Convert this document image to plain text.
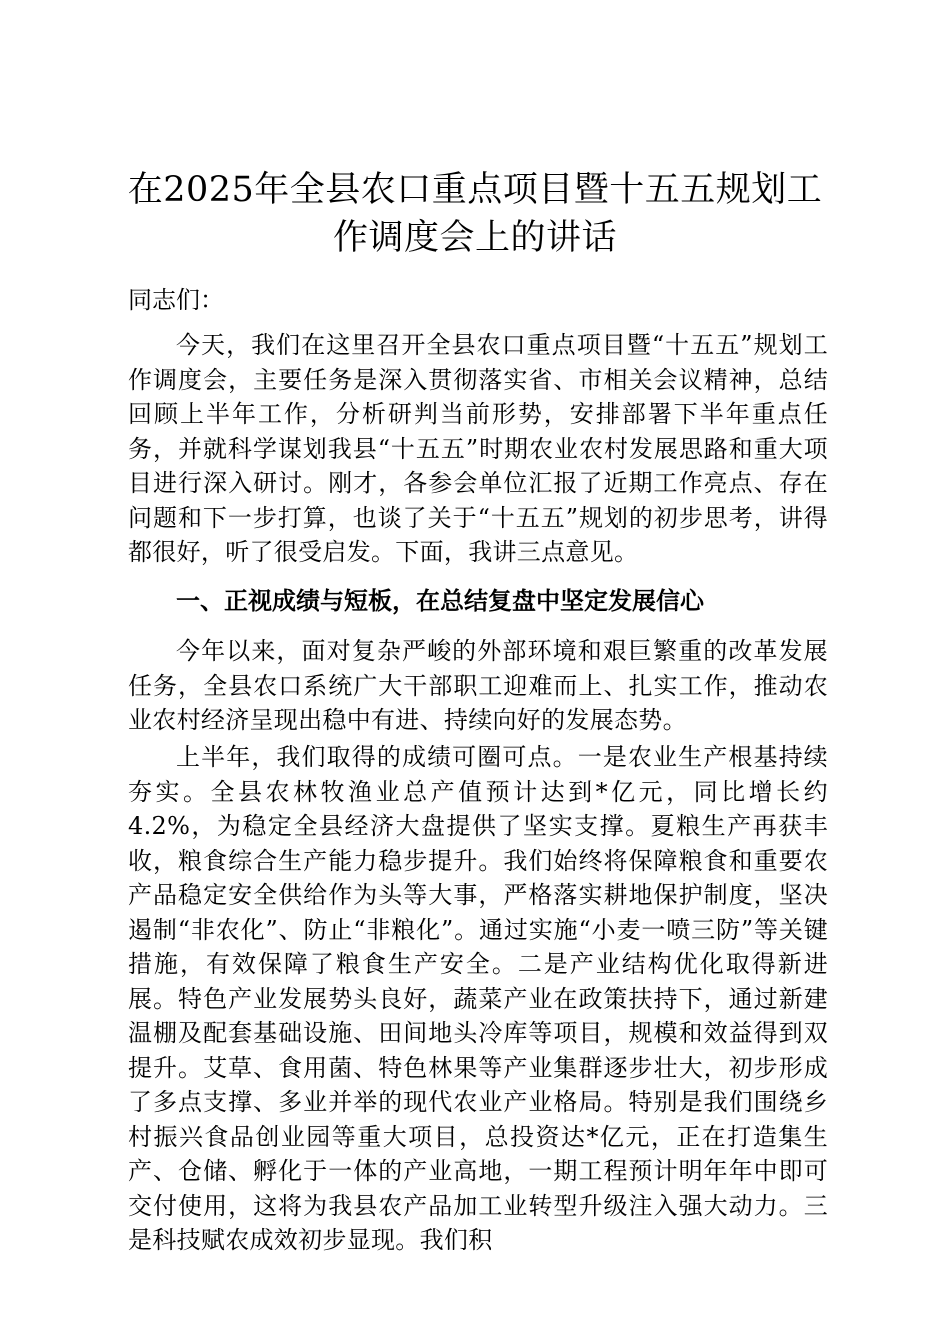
在2025年全县农口重点项目暨十五五规划工作调度会上的讲话
同志们：
今天，我们在这里召开全县农口重点项目暨“十五五”规划工作调度会，主要任务是深入贯彻落实省、市相关会议精神，总结回顾上半年工作，分析研判当前形势，安排部署下半年重点任务，并就科学谋划我县“十五五”时期农业农村发展思路和重大项目进行深入研讨。刚才，各参会单位汇报了近期工作亮点、存在问题和下一步打算，也谈了关于“十五五”规划的初步思考，讲得都很好，听了很受启发。下面，我讲三点意见。
一、正视成绩与短板，在总结复盘中坚定发展信心
今年以来，面对复杂严峻的外部环境和艰巨繁重的改革发展任务，全县农口系统广大干部职工迎难而上、扎实工作，推动农业农村经济呈现出稳中有进、持续向好的发展态势。
上半年，我们取得的成绩可圈可点。一是农业生产根基持续夯实。全县农林牧渔业总产值预计达到*亿元，同比增长约4.2%，为稳定全县经济大盘提供了坚实支撑。夏粮生产再获丰收，粮食综合生产能力稳步提升。我们始终将保障粮食和重要农产品稳定安全供给作为头等大事，严格落实耕地保护制度，坚决遏制“非农化”、防止“非粮化”。通过实施“小麦一喷三防”等关键措施，有效保障了粮食生产安全。二是产业结构优化取得新进展。特色产业发展势头良好，蔬菜产业在政策扶持下，通过新建温棚及配套基础设施、田间地头冷库等项目，规模和效益得到双提升。艾草、食用菌、特色林果等产业集群逐步壮大，初步形成了多点支撑、多业并举的现代农业产业格局。特别是我们围绕乡村振兴食品创业园等重大项目，总投资达*亿元，正在打造集生产、仓储、孵化于一体的产业高地，一期工程预计明年年中即可交付使用，这将为我县农产品加工业转型升级注入强大动力。三是科技赋农成效初步显现。我们积
